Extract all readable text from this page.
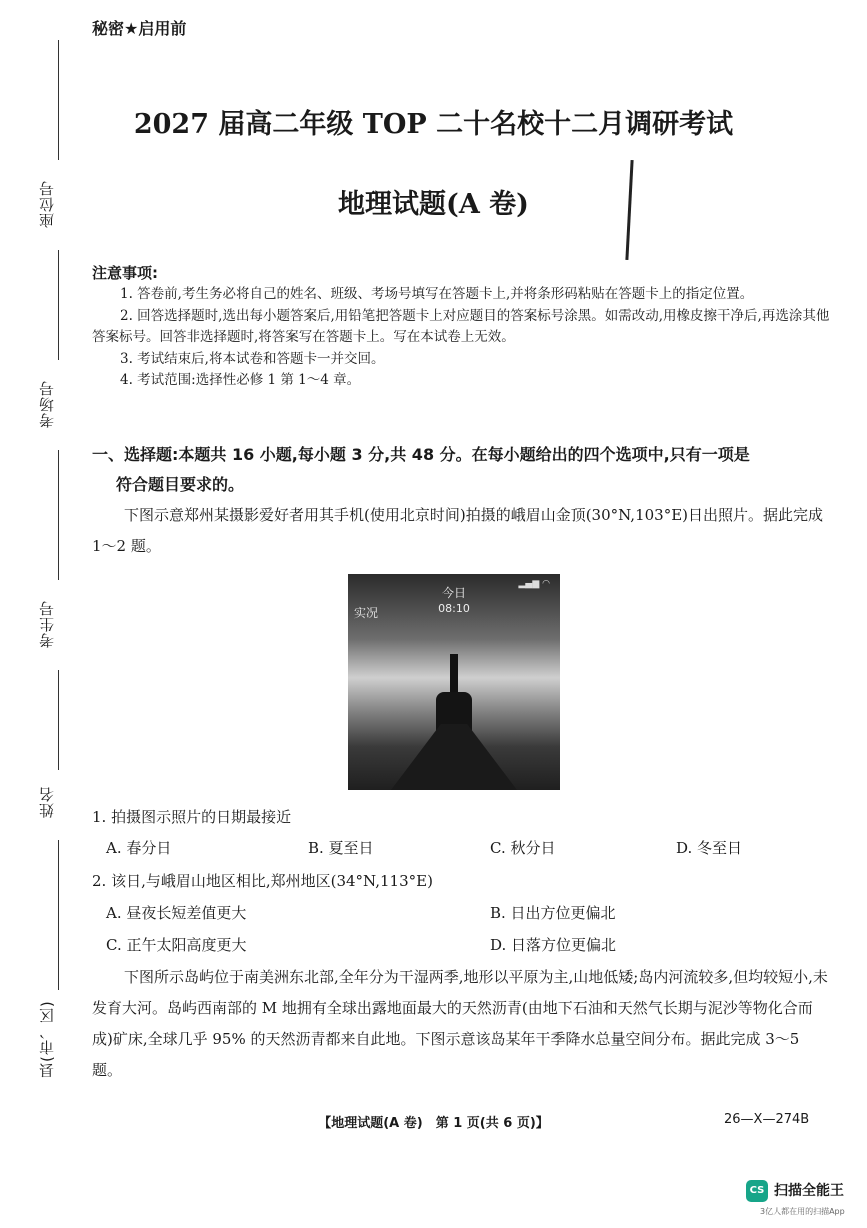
座位号
考场号
考生号
姓名
县(市、区)
秘密★启用前
2027 届高二年级 TOP 二十名校十二月调研考试
地理试题(A 卷)
注意事项:

1. 答卷前,考生务必将自己的姓名、班级、考场号填写在答题卡上,并将条形码粘贴在答题卡上的指定位置。

2. 回答选择题时,选出每小题答案后,用铅笔把答题卡上对应题目的答案标号涂黑。如需改动,用橡皮擦干净后,再选涂其他答案标号。回答非选择题时,将答案写在答题卡上。写在本试卷上无效。

3. 考试结束后,将本试卷和答题卡一并交回。

4. 考试范围:选择性必修 1 第 1～4 章。

一、选择题:本题共 16 小题,每小题 3 分,共 48 分。在每小题给出的四个选项中,只有一项是
符合题目要求的。

下图示意郑州某摄影爱好者用其手机(使用北京时间)拍摄的峨眉山金顶(30°N,103°E)日出照片。据此完成 1～2 题。

▂▄▆ ◠
今日
08:10
实况
1. 拍摄图示照片的日期最接近
A. 春分日	B. 夏至日	C. 秋分日	D. 冬至日
2. 该日,与峨眉山地区相比,郑州地区(34°N,113°E)
A. 昼夜长短差值更大	B. 日出方位更偏北
C. 正午太阳高度更大	D. 日落方位更偏北

下图所示岛屿位于南美洲东北部,全年分为干湿两季,地形以平原为主,山地低矮;岛内河流较多,但均较短小,未发育大河。岛屿西南部的 M 地拥有全球出露地面最大的天然沥青(由地下石油和天然气长期与泥沙等物化合而成)矿床,全球几乎 95% 的天然沥青都来自此地。下图示意该岛某年干季降水总量空间分布。据此完成 3～5 题。

【地理试题(A 卷)　第 1 页(共 6 页)】	26—X—274B
CS 扫描全能王
3亿人都在用的扫描App
